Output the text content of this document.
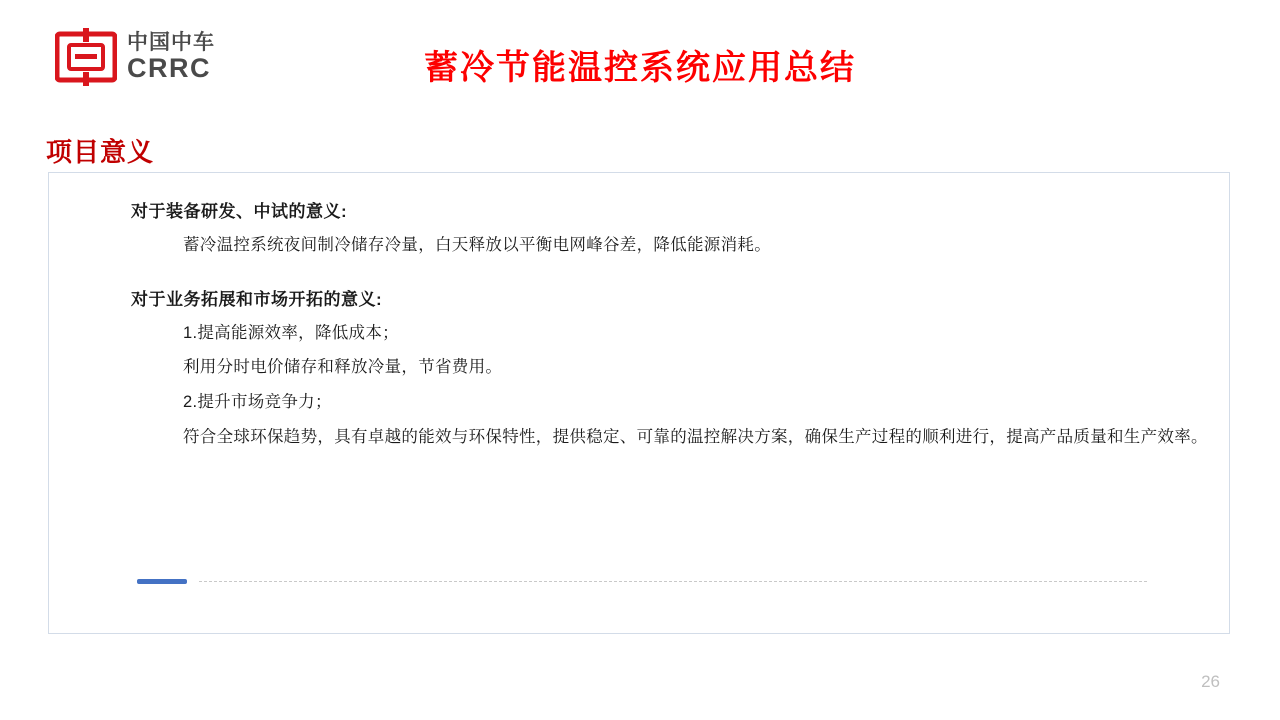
中国中车
CRRC	蓄冷节能温控系统应用总结
项目意义
对于装备研发、中试的意义:

蓄冷温控系统夜间制冷储存冷量，白天释放以平衡电网峰谷差，降低能源消耗。

对于业务拓展和市场开拓的意义:

1.提高能源效率，降低成本；

利用分时电价储存和释放冷量，节省费用。

2.提升市场竞争力；

符合全球环保趋势，具有卓越的能效与环保特性，提供稳定、可靠的温控解决方案，确保生产过程的顺利进行，提高产品质量和生产效率。

26
